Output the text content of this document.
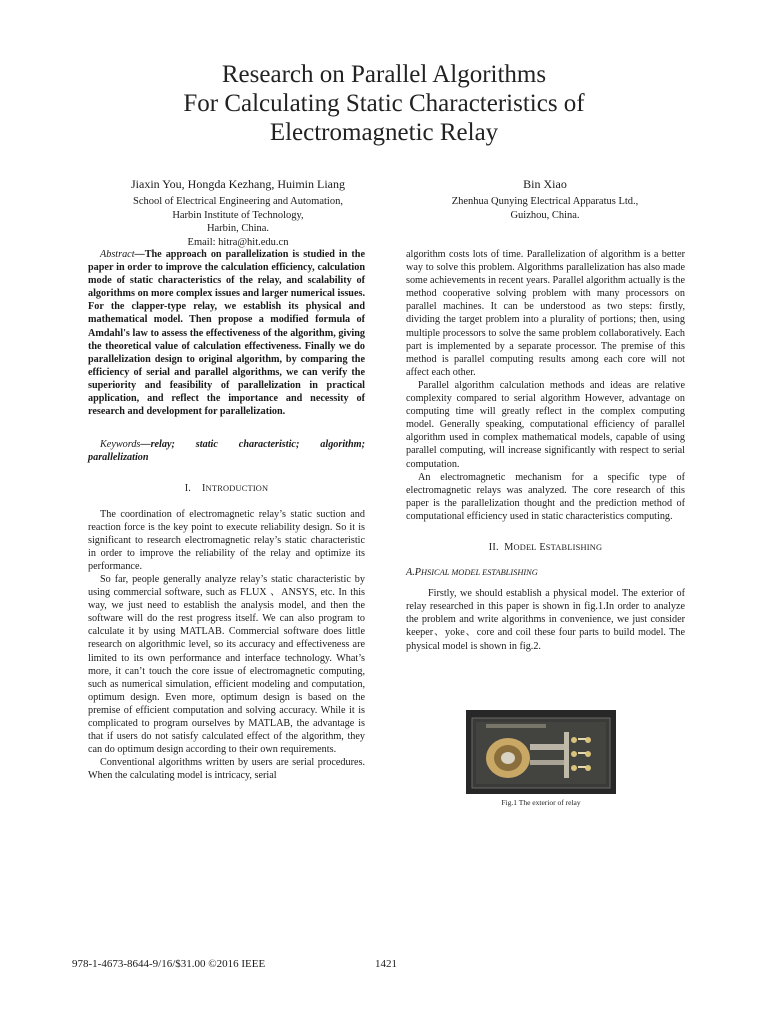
Research on Parallel Algorithms
For Calculating Static Characteristics of
Electromagnetic Relay
Jiaxin You, Hongda Kezhang, Huimin Liang
School of Electrical Engineering and Automation,
Harbin Institute of Technology,
Harbin, China.
Email: hitra@hit.edu.cn
Bin Xiao
Zhenhua Qunying Electrical Apparatus Ltd.,
Guizhou, China.

Abstract—The approach on parallelization is studied in the paper in order to improve the calculation efficiency, calculation mode of static characteristics of the relay, and scalability of algorithms on more complex issues and larger numerical issues. For the clapper-type relay, we establish its physical and mathematical model. Then propose a modified formula of Amdahl's law to assess the effectiveness of the algorithm, giving the theoretical value of calculation effectiveness. Finally we do parallelization design to original algorithm, by comparing the efficiency of serial and parallel algorithms, we can verify the superiority and feasibility of parallelization in practical application, and reflect the importance and necessity of research and development for parallelization.

Keywords—relay; static characteristic; algorithm; parallelization

I. INTRODUCTION

The coordination of electromagnetic relay’s static suction and reaction force is the key point to execute reliability design. So it is significant to research electromagnetic relay’s static characteristic in order to improve the reliability of the relay and optimize its performance.

So far, people generally analyze relay’s static characteristic by using commercial software, such as FLUX 、ANSYS, etc. In this way, we just need to establish the analysis model, and then the software will do the rest progress itself. We can also program to calculate it by using MATLAB. Commercial software does little research on algorithmic level, so its accuracy and effectiveness are limited to its own performance and interface technology. What’s more, it can’t touch the core issue of electromagnetic computing, such as numerical simulation, efficient modeling and computation, optimum design. Even more, optimum design is based on the premise of efficient computation and solving accuracy. While it is complicated to program ourselves by MATLAB, the advantage is that if users do not satisfy calculated effect of the algorithm, they can do optimum design according to their own requirements.

Conventional algorithms written by users are serial procedures. When the calculating model is intricacy, serial

algorithm costs lots of time. Parallelization of algorithm is a better way to solve this problem. Algorithms parallelization has also made some achievements in recent years. Parallel algorithm actually is the method cooperative solving problem with many processors on parallel machines. It can be understood as two steps: firstly, dividing the target problem into a plurality of portions; then, using multiple processors to solve the same problem collaboratively. Each part is implemented by a separate processor. The premise of this method is parallel computing results among each core will not affect each other.

Parallel algorithm calculation methods and ideas are relative complexity compared to serial algorithm However, advantage on computing time will greatly reflect in the complex computing model. Generally speaking, computational efficiency of parallel algorithm used in complex mathematical models, capable of using parallel computing, will increase significantly with respect to serial computation.

An electromagnetic mechanism for a specific type of electromagnetic relays was analyzed. The core research of this paper is the parallelization thought and the prediction method of computational efficiency used in static characteristics computing.

II. MODEL ESTABLISHING
A.PHSICAL MODEL ESTABLISHING

Firstly, we should establish a physical model. The exterior of relay researched in this paper is shown in fig.1.In order to analyze the problem and write algorithms in convenience, we just consider keeper、yoke、core and coil these four parts to build model. The physical model is shown in fig.2.

Fig.1 The exterior of relay
978-1-4673-8644-9/16/$31.00 ©2016 IEEE	1421
